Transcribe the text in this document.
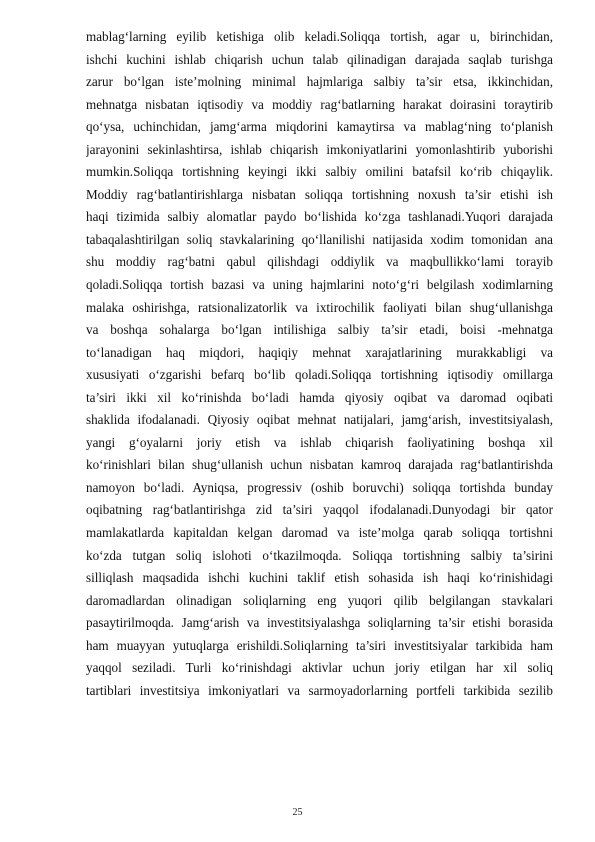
mablag‘larning eyilib ketishiga olib keladi.Soliqqa tortish, agar u, birinchidan,
ishchi kuchini ishlab chiqarish uchun talab qilinadigan darajada saqlab turishga
zarur bo‘lgan iste’molning minimal hajmlariga salbiy ta’sir etsa, ikkinchidan,
mehnatga nisbatan iqtisodiy va moddiy rag‘batlarning harakat doirasini toraytirib
qo‘ysa, uchinchidan, jamg‘arma miqdorini kamaytirsa va mablag‘ning to‘planish
jarayonini sekinlashtirsa, ishlab chiqarish imkoniyatlarini yomonlashtirib yuborishi
mumkin.Soliqqa tortishning keyingi ikki salbiy omilini batafsil ko‘rib chiqaylik.
Moddiy rag‘batlantirishlarga nisbatan soliqqa tortishning noxush ta’sir etishi ish
haqi tizimida salbiy alomatlar paydo bo‘lishida ko‘zga tashlanadi.Yuqori darajada
tabaqalashtirilgan soliq stavkalarining qo‘llanilishi natijasida xodim tomonidan ana
shu moddiy rag‘batni qabul qilishdagi oddiylik va maqbullikko‘lami torayib
qoladi.Soliqqa tortish bazasi va uning hajmlarini noto‘g‘ri belgilash xodimlarning
malaka oshirishga, ratsionalizatorlik va ixtirochilik faoliyati bilan shug‘ullanishga
va boshqa sohalarga bo‘lgan intilishiga salbiy ta’sir etadi, boisi -mehnatga
to‘lanadigan haq miqdori, haqiqiy mehnat xarajatlarining murakkabligi va
xususiyati o‘zgarishi befarq bo‘lib qoladi.Soliqqa tortishning iqtisodiy omillarga
ta’siri ikki xil ko‘rinishda bo‘ladi hamda qiyosiy oqibat va daromad oqibati
shaklida ifodalanadi. Qiyosiy oqibat mehnat natijalari, jamg‘arish, investitsiyalash,
yangi g‘oyalarni joriy etish va ishlab chiqarish faoliyatining boshqa xil
ko‘rinishlari bilan shug‘ullanish uchun nisbatan kamroq darajada rag‘batlantirishda
namoyon bo‘ladi. Ayniqsa, progressiv (oshib boruvchi) soliqqa tortishda bunday
oqibatning rag‘batlantirishga zid ta’siri yaqqol ifodalanadi.Dunyodagi bir qator
mamlakatlarda kapitaldan kelgan daromad va iste’molga qarab soliqqa tortishni
ko‘zda tutgan soliq islohoti o‘tkazilmoqda. Soliqqa tortishning salbiy ta’sirini
silliqlash maqsadida ishchi kuchini taklif etish sohasida ish haqi ko‘rinishidagi
daromadlardan olinadigan soliqlarning eng yuqori qilib belgilangan stavkalari
pasaytirilmoqda. Jamg‘arish va investitsiyalashga soliqlarning ta’sir etishi borasida
ham muayyan yutuqlarga erishildi.Soliqlarning ta’siri investitsiyalar tarkibida ham
yaqqol seziladi. Turli ko‘rinishdagi aktivlar uchun joriy etilgan har xil soliq
tartiblari investitsiya imkoniyatlari va sarmoyadorlarning portfeli tarkibida sezilib
25
